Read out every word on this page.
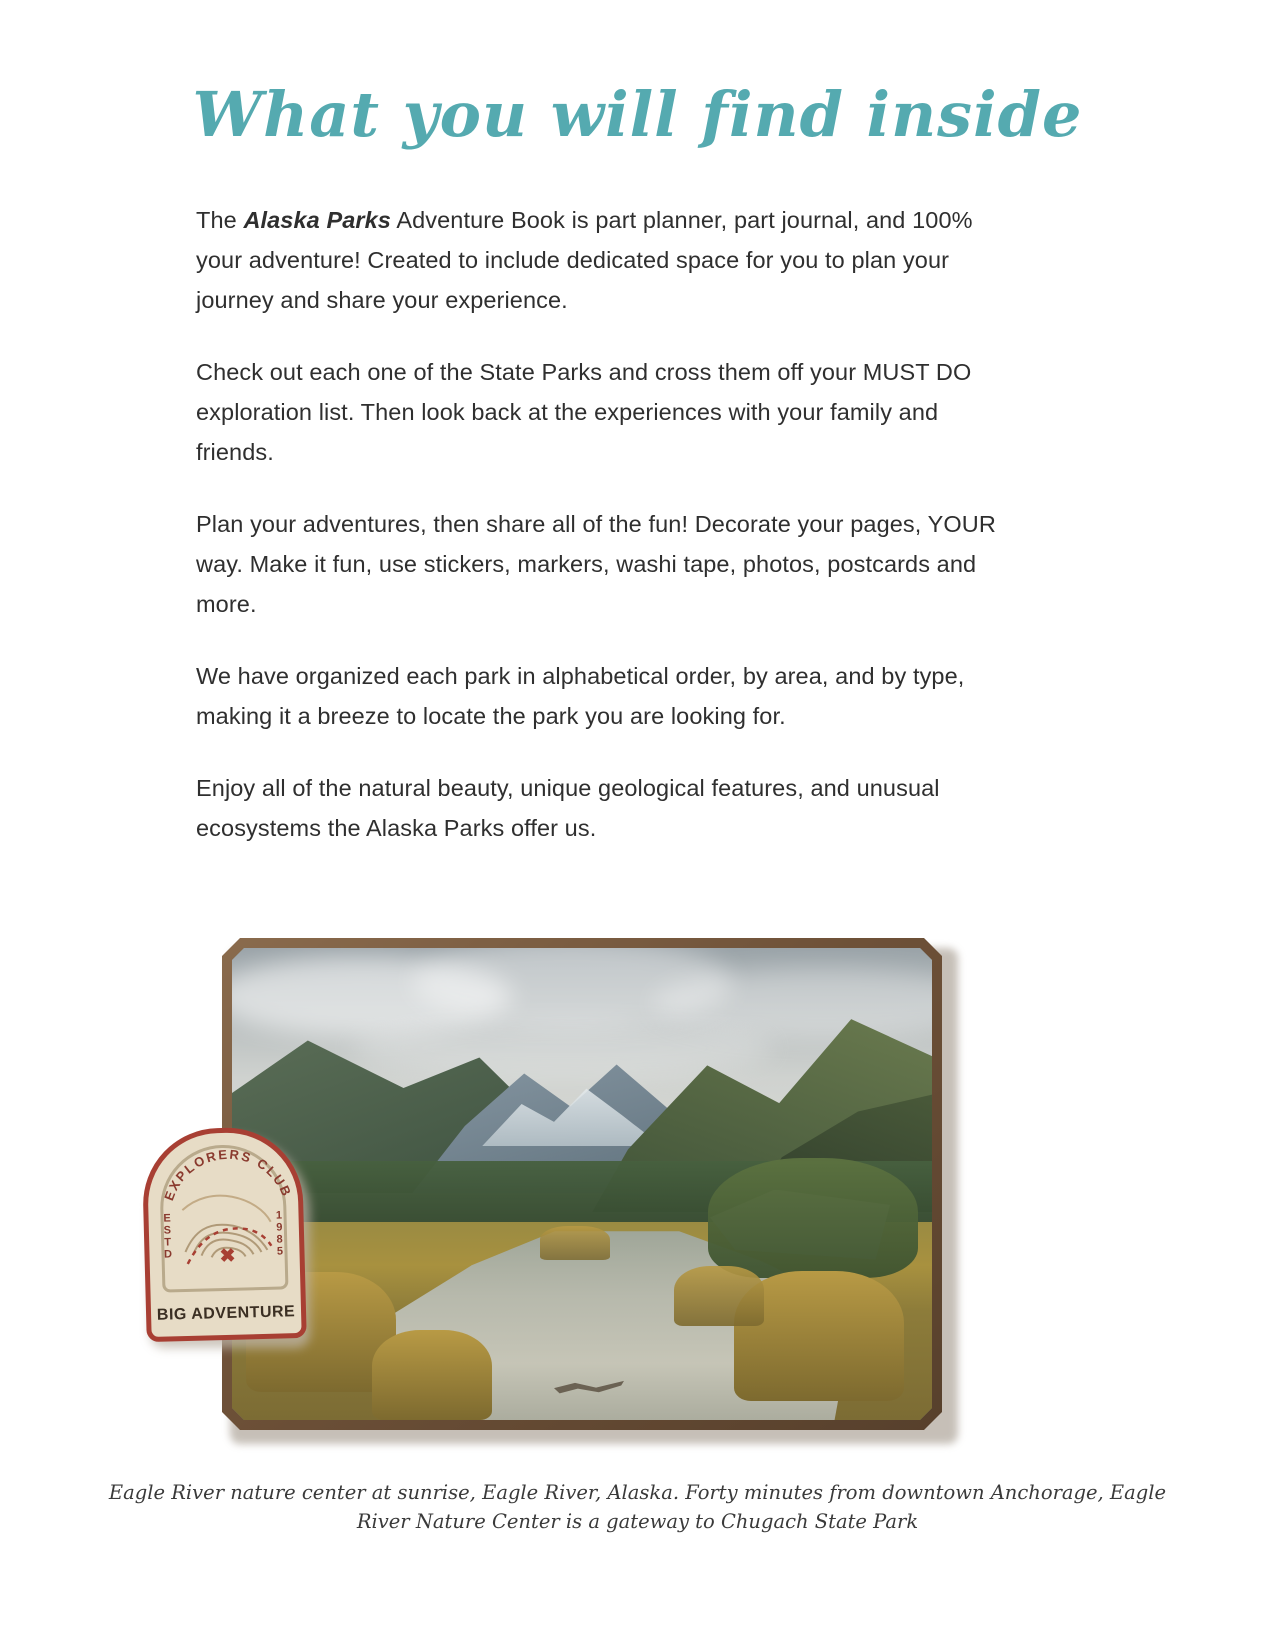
What you will find inside

The Alaska Parks Adventure Book is part planner, part journal, and 100% your adventure! Created to include dedicated space for you to plan your journey and share your experience.

Check out each one of the State Parks and cross them off your MUST DO exploration list. Then look back at the experiences with your family and friends.

Plan your adventures, then share all of the fun! Decorate your pages, YOUR way. Make it fun, use stickers, markers, washi tape, photos, postcards and more.

We have organized each park in alphabetical order, by area, and by type, making it a breeze to locate the park you are looking for.

Enjoy all of the natural beauty, unique geological features, and unusual ecosystems the Alaska Parks offer us.

EXPLORERS CLUB
✖
E
S
T
D
1
9
8
5
BIG ADVENTURE
Eagle River nature center at sunrise, Eagle River, Alaska. Forty minutes from downtown Anchorage, Eagle River Nature Center is a gateway to Chugach State Park
